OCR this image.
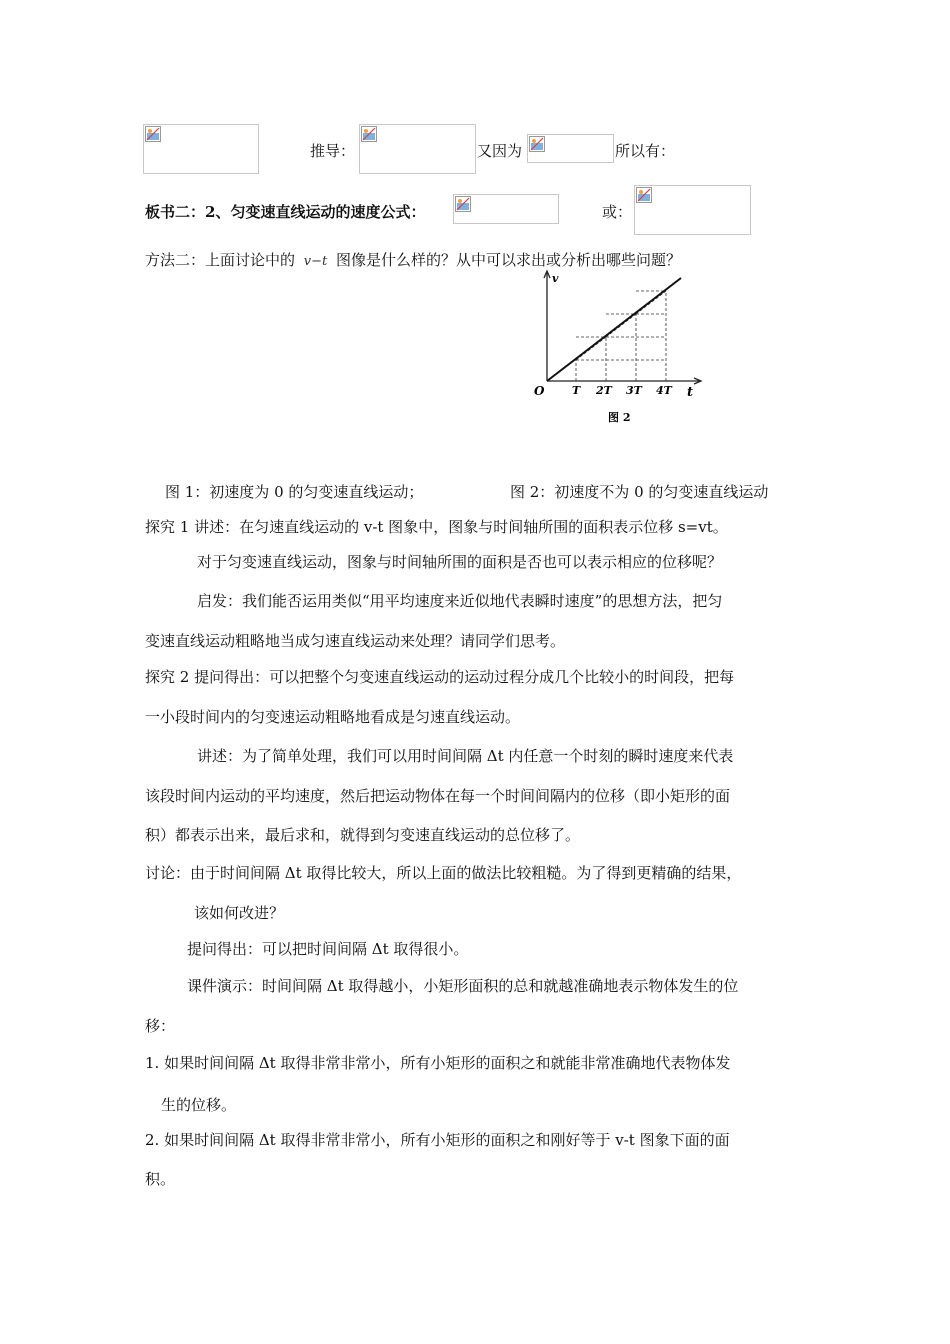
推导：	又因为	所以有：
板书二：2、匀变速直线运动的速度公式：	或：
方法二：上面讨论中的 v−t 图像是什么样的？从中可以求出或分析出哪些问题？
v
t
O	T 2T 3T 4T
图 2
图 1：初速度为 0 的匀变速直线运动；	图 2：初速度不为 0 的匀变速直线运动
探究 1 讲述：在匀速直线运动的 v-t 图象中，图象与时间轴所围的面积表示位移 s=vt。
对于匀变速直线运动，图象与时间轴所围的面积是否也可以表示相应的位移呢？
启发：我们能否运用类似“用平均速度来近似地代表瞬时速度”的思想方法，把匀
变速直线运动粗略地当成匀速直线运动来处理？请同学们思考。
探究 2 提问得出：可以把整个匀变速直线运动的运动过程分成几个比较小的时间段，把每
一小段时间内的匀变速运动粗略地看成是匀速直线运动。
讲述：为了简单处理，我们可以用时间间隔 Δt 内任意一个时刻的瞬时速度来代表
该段时间内运动的平均速度，然后把运动物体在每一个时间间隔内的位移（即小矩形的面
积）都表示出来，最后求和，就得到匀变速直线运动的总位移了。
讨论：由于时间间隔 Δt 取得比较大，所以上面的做法比较粗糙。为了得到更精确的结果，
该如何改进？
提问得出：可以把时间间隔 Δt 取得很小。
课件演示：时间间隔 Δt 取得越小，小矩形面积的总和就越准确地表示物体发生的位
移：
1. 如果时间间隔 Δt 取得非常非常小，所有小矩形的面积之和就能非常准确地代表物体发
生的位移。
2. 如果时间间隔 Δt 取得非常非常小，所有小矩形的面积之和刚好等于 v-t 图象下面的面
积。
